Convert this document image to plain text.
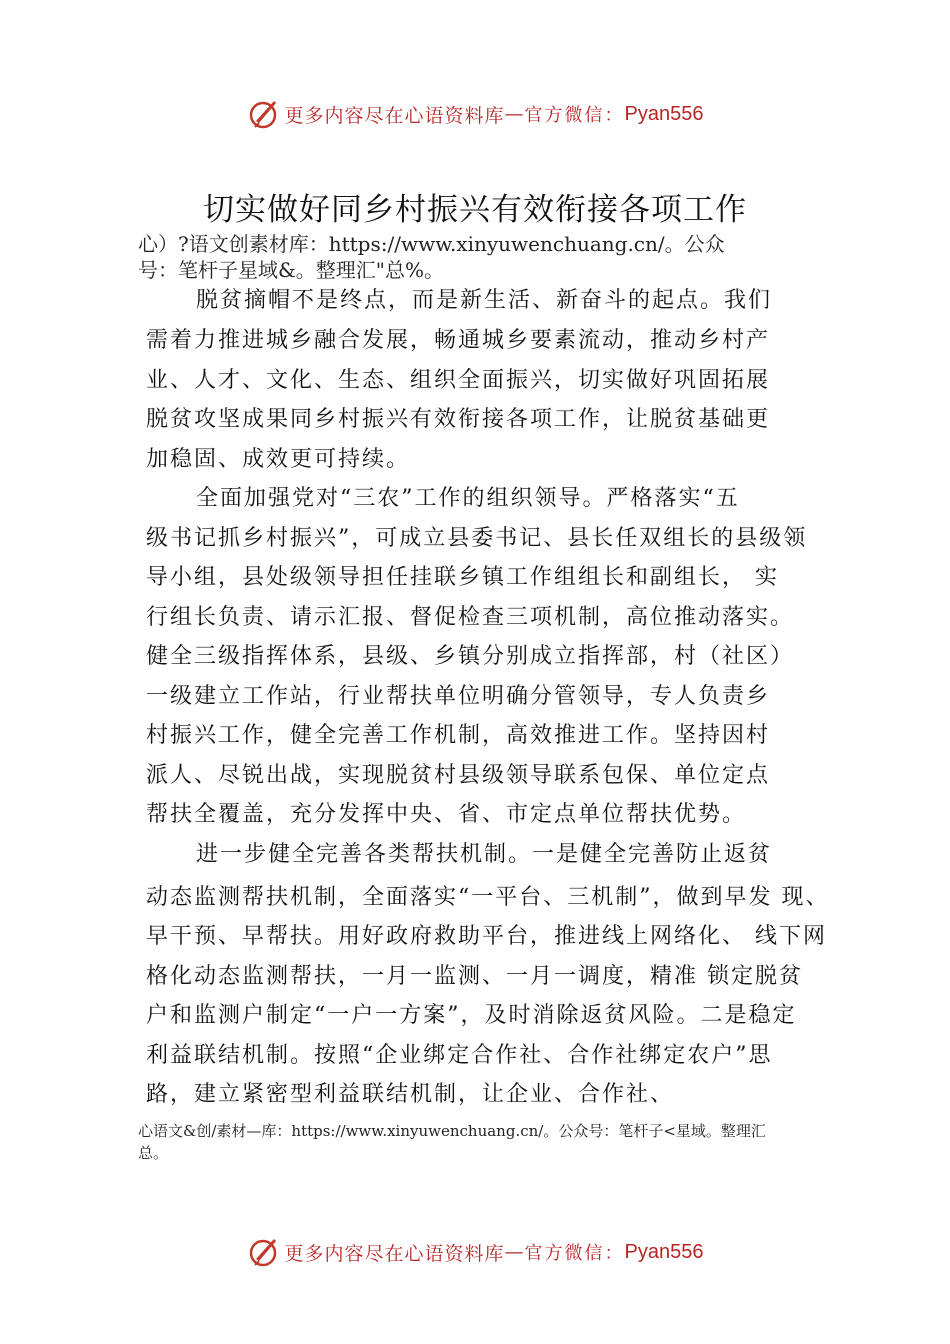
更多内容尽在心语资料库 — 官方微信： Pyan556
切实做好同乡村振兴有效衔接各项工作
心）?语文创素材库：https://www.xinyuwenchuang.cn/。公众
号：笔杆子星域&。整理汇"总%。
脱贫摘帽不是终点，而是新生活、新奋斗的起点。我们
需着力推进城乡融合发展，畅通城乡要素流动，推动乡村产
业、人才、文化、生态、组织全面振兴，切实做好巩固拓展
脱贫攻坚成果同乡村振兴有效衔接各项工作，让脱贫基础更
加稳固、成效更可持续。
全面加强党对“三农”工作的组织领导。严格落实“五
级书记抓乡村振兴”，可成立县委书记、县长任双组长的县级领
导小组，县处级领导担任挂联乡镇工作组组长和副组长， 实
行组长负责、请示汇报、督促检查三项机制，高位推动落实。
健全三级指挥体系，县级、乡镇分别成立指挥部，村（社区）
一级建立工作站，行业帮扶单位明确分管领导，专人负责乡
村振兴工作，健全完善工作机制，高效推进工作。坚持因村
派人、尽锐出战，实现脱贫村县级领导联系包保、单位定点
帮扶全覆盖，充分发挥中央、省、市定点单位帮扶优势。
进一步健全完善各类帮扶机制。一是健全完善防止返贫
动态监测帮扶机制，全面落实“一平台、三机制”，做到早发 现、
早干预、早帮扶。用好政府救助平台，推进线上网络化、 线下网
格化动态监测帮扶，一月一监测、一月一调度，精准 锁定脱贫
户和监测户制定“一户一方案”，及时消除返贫风险。二是稳定
利益联结机制。按照“企业绑定合作社、合作社绑定农户”思
路，建立紧密型利益联结机制，让企业、合作社、
心语文&创/素材—库：https://www.xinyuwenchuang.cn/。公众号：笔杆子<星域。整理汇
总。
更多内容尽在心语资料库 — 官方微信： Pyan556
